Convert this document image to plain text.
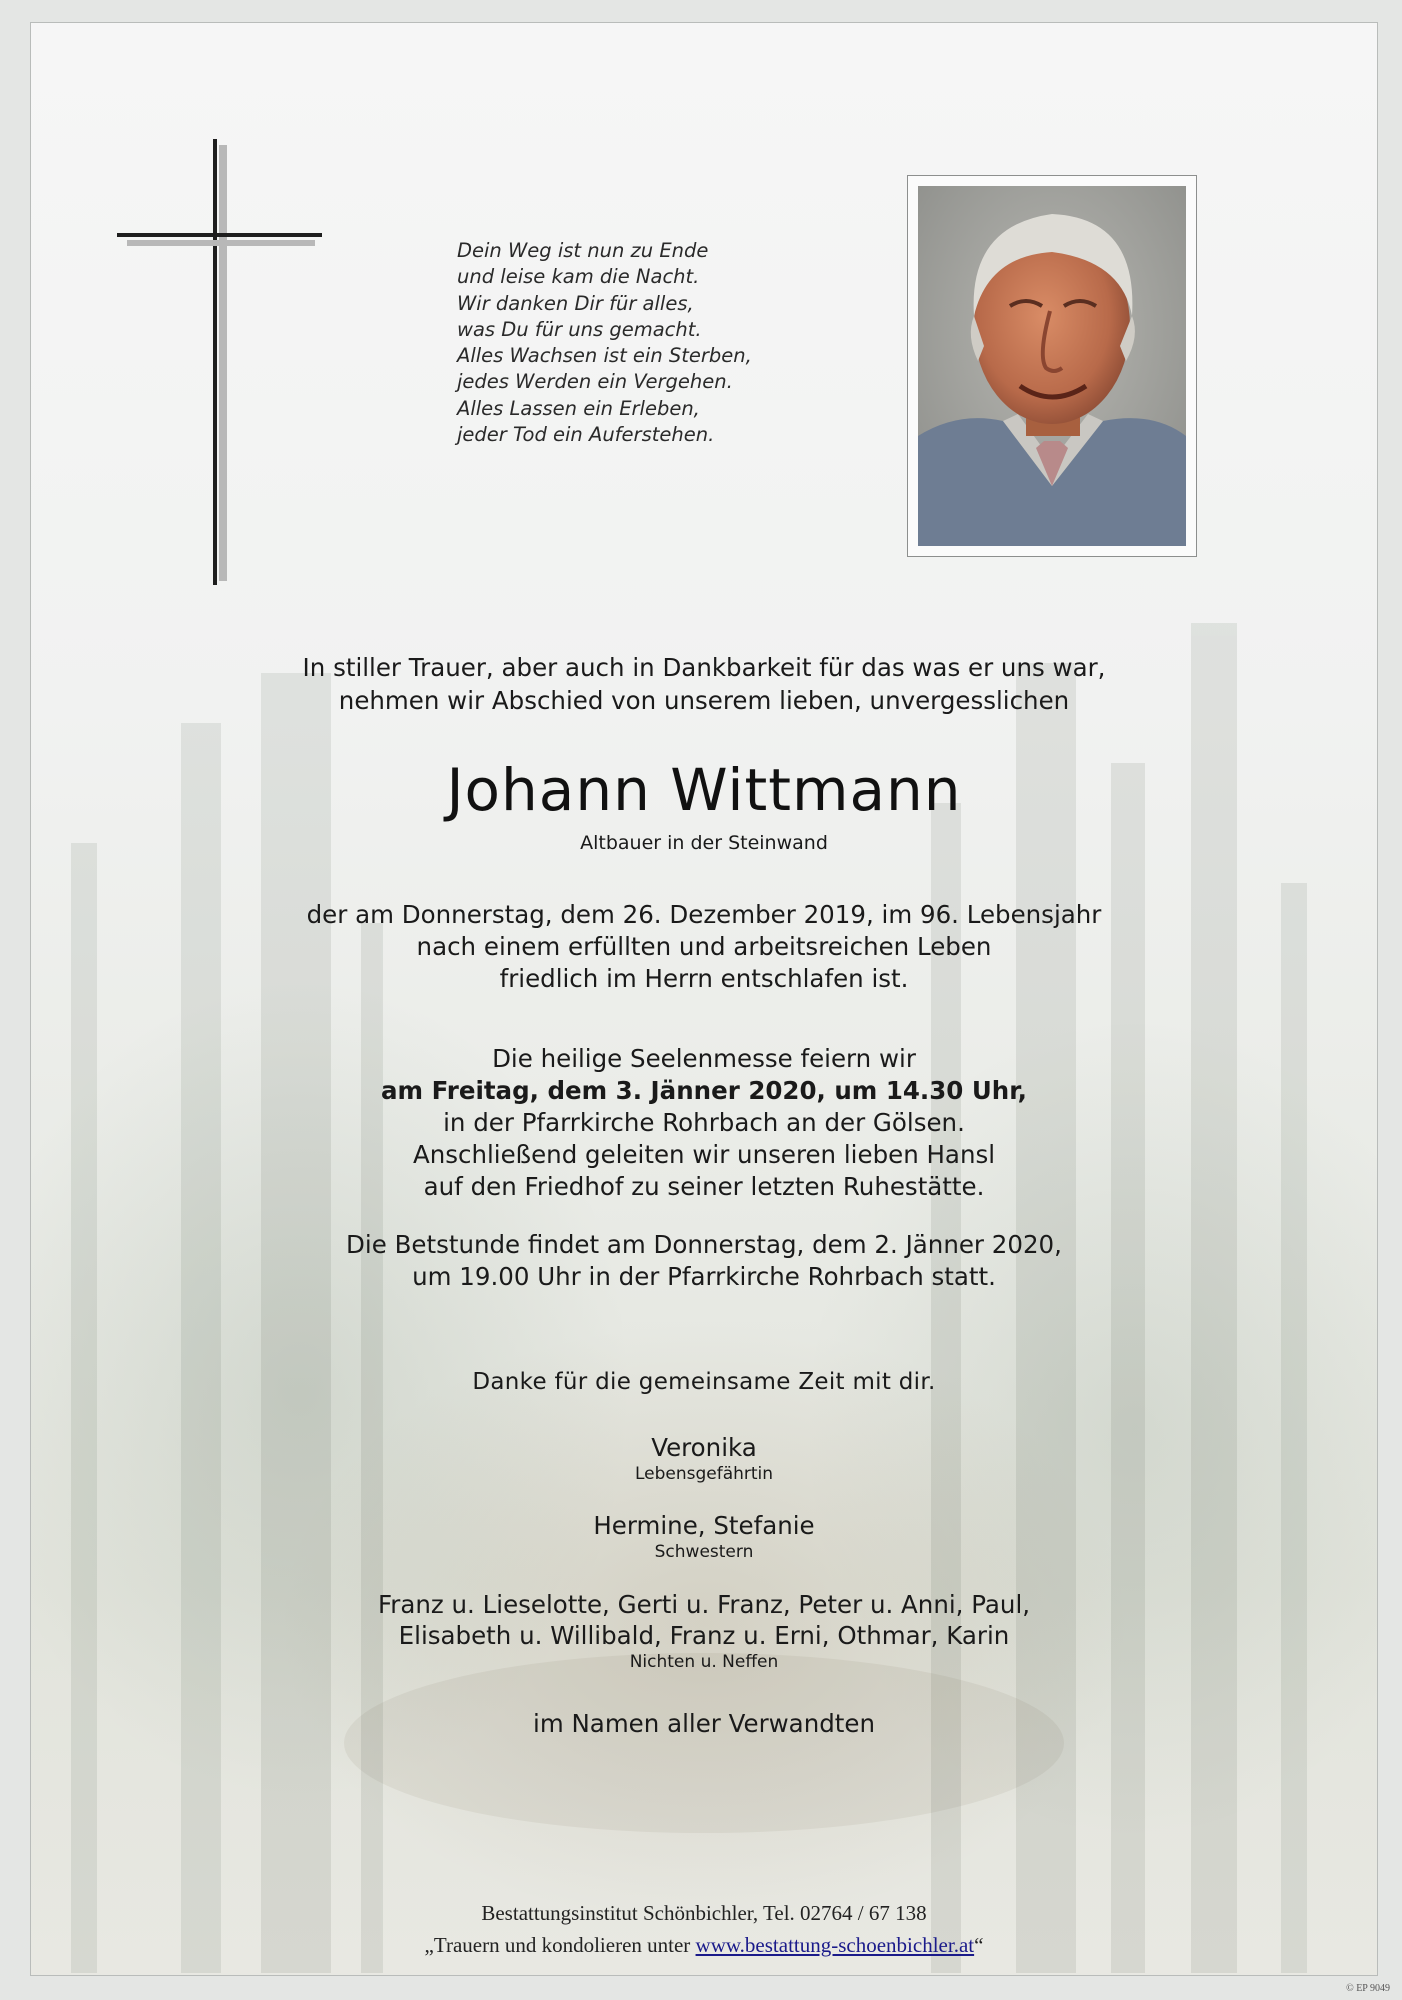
Dein Weg ist nun zu Ende
und leise kam die Nacht.
Wir danken Dir für alles,
was Du für uns gemacht.
Alles Wachsen ist ein Sterben,
jedes Werden ein Vergehen.
Alles Lassen ein Erleben,
jeder Tod ein Auferstehen.
In stiller Trauer, aber auch in Dankbarkeit für das was er uns war,
nehmen wir Abschied von unserem lieben, unvergesslichen
Johann Wittmann
Altbauer in der Steinwand
der am Donnerstag, dem 26. Dezember 2019, im 96. Lebensjahr
nach einem erfüllten und arbeitsreichen Leben
friedlich im Herrn entschlafen ist.
Die heilige Seelenmesse feiern wir
am Freitag, dem 3. Jänner 2020, um 14.30 Uhr,
in der Pfarrkirche Rohrbach an der Gölsen.
Anschließend geleiten wir unseren lieben Hansl
auf den Friedhof zu seiner letzten Ruhestätte.
Die Betstunde findet am Donnerstag, dem 2. Jänner 2020,
um 19.00 Uhr in der Pfarrkirche Rohrbach statt.
Danke für die gemeinsame Zeit mit dir.
Veronika
Lebensgefährtin
Hermine, Stefanie
Schwestern
Franz u. Lieselotte, Gerti u. Franz, Peter u. Anni, Paul,
Elisabeth u. Willibald, Franz u. Erni, Othmar, Karin
Nichten u. Neffen
im Namen aller Verwandten
Bestattungsinstitut Schönbichler, Tel. 02764 / 67 138
„Trauern und kondolieren unter www.bestattung-schoenbichler.at“
© EP 9049
